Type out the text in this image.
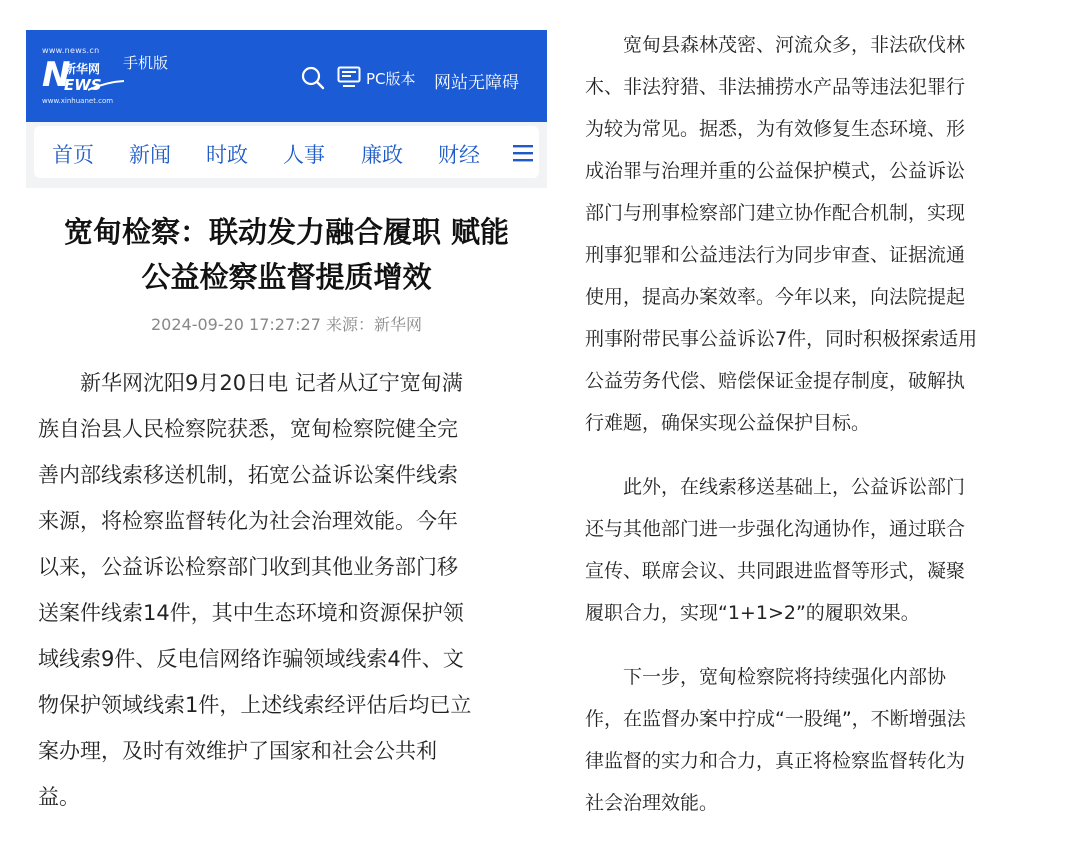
www.news.cn
N
新华网
EWS
www.xinhuanet.com
手机版
PC版本 网站无障碍
首页 新闻 时政 人事 廉政 财经
宽甸检察：联动发力融合履职 赋能
公益检察监督提质增效
2024-09-20 17:27:27 来源：新华网
　　新华网沈阳9月20日电 记者从辽宁宽甸满
族自治县人民检察院获悉，宽甸检察院健全完
善内部线索移送机制，拓宽公益诉讼案件线索
来源，将检察监督转化为社会治理效能。今年
以来，公益诉讼检察部门收到其他业务部门移
送案件线索14件，其中生态环境和资源保护领
域线索9件、反电信网络诈骗领域线索4件、文
物保护领域线索1件，上述线索经评估后均已立
案办理，及时有效维护了国家和社会公共利
益。
　　宽甸县森林茂密、河流众多，非法砍伐林
木、非法狩猎、非法捕捞水产品等违法犯罪行
为较为常见。据悉，为有效修复生态环境、形
成治罪与治理并重的公益保护模式，公益诉讼
部门与刑事检察部门建立协作配合机制，实现
刑事犯罪和公益违法行为同步审查、证据流通
使用，提高办案效率。今年以来，向法院提起
刑事附带民事公益诉讼7件，同时积极探索适用
公益劳务代偿、赔偿保证金提存制度，破解执
行难题，确保实现公益保护目标。
　　此外，在线索移送基础上，公益诉讼部门
还与其他部门进一步强化沟通协作，通过联合
宣传、联席会议、共同跟进监督等形式，凝聚
履职合力，实现“1+1>2”的履职效果。
　　下一步，宽甸检察院将持续强化内部协
作，在监督办案中拧成“一股绳”，不断增强法
律监督的实力和合力，真正将检察监督转化为
社会治理效能。
